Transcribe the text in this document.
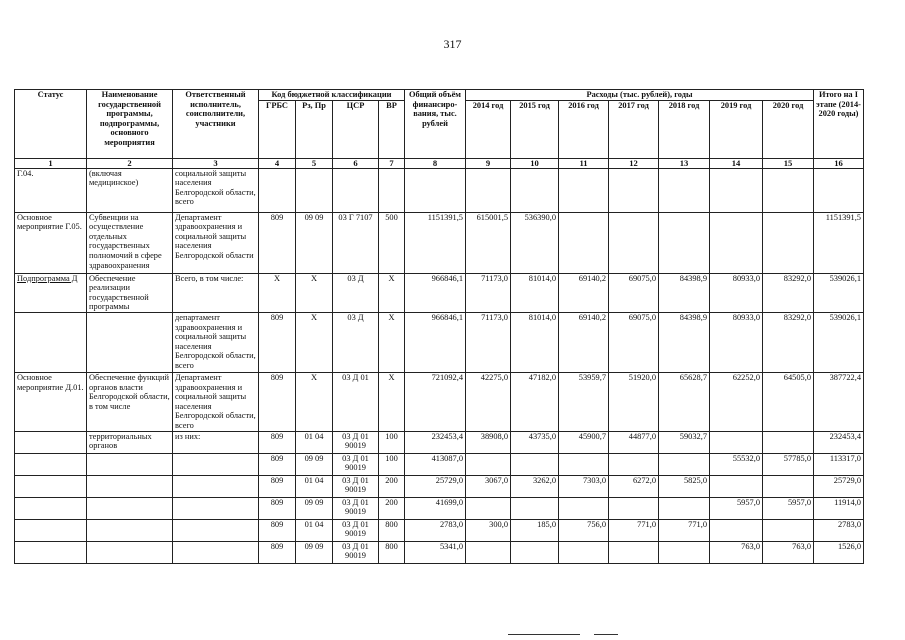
317
Статус	Наименование государственной программы, подпрограммы, основного мероприятия	Ответственный исполнитель, соисполнители, участники	Код бюджетной классификации				Общий объём финансиро-вания, тыс. рублей	Расходы (тыс. рублей), годы							Итого на I этапе (2014-2020 годы)
			ГРБС	Рз, Пр	ЦСР	ВР		2014 год	2015 год	2016 год	2017 год	2018 год	2019 год	2020 год	
1	2	3	4	5	6	7	8	9	10	11	12	13	14	15	16
Г.04.	(включая медицинское)	социальной защиты населения Белгородской области, всего													
Основное мероприятие Г.05.	Субвенции на осуществление отдельных государственных полномочий в сфере здравоохранения	Департамент здравоохранения и социальной защиты населения Белгородской области	809	09 09	03 Г 7107	500	1151391,5	615001,5	536390,0						1151391,5
Подпрограмма Д	Обеспечение реализации государственной программы	Всего, в том числе:	X	X	03 Д	X	966846,1	71173,0	81014,0	69140,2	69075,0	84398,9	80933,0	83292,0	539026,1
		департамент здравоохранения и социальной защиты населения Белгородской области, всего	809	X	03 Д	X	966846,1	71173,0	81014,0	69140,2	69075,0	84398,9	80933,0	83292,0	539026,1
Основное мероприятие Д.01.	Обеспечение функций органов власти Белгородской области, в том числе	Департамент здравоохранения и социальной защиты населения Белгородской области, всего	809	X	03 Д 01	X	721092,4	42275,0	47182,0	53959,7	51920,0	65628,7	62252,0	64505,0	387722,4
	территориальных органов	из них:	809	01 04	03 Д 01 90019	100	232453,4	38908,0	43735,0	45900,7	44877,0	59032,7			232453,4
			809	09 09	03 Д 01 90019	100	413087,0						55532,0	57785,0	113317,0
			809	01 04	03 Д 01 90019	200	25729,0	3067,0	3262,0	7303,0	6272,0	5825,0			25729,0
			809	09 09	03 Д 01 90019	200	41699,0						5957,0	5957,0	11914,0
			809	01 04	03 Д 01 90019	800	2783,0	300,0	185,0	756,0	771,0	771,0			2783,0
			809	09 09	03 Д 01 90019	800	5341,0						763,0	763,0	1526,0
